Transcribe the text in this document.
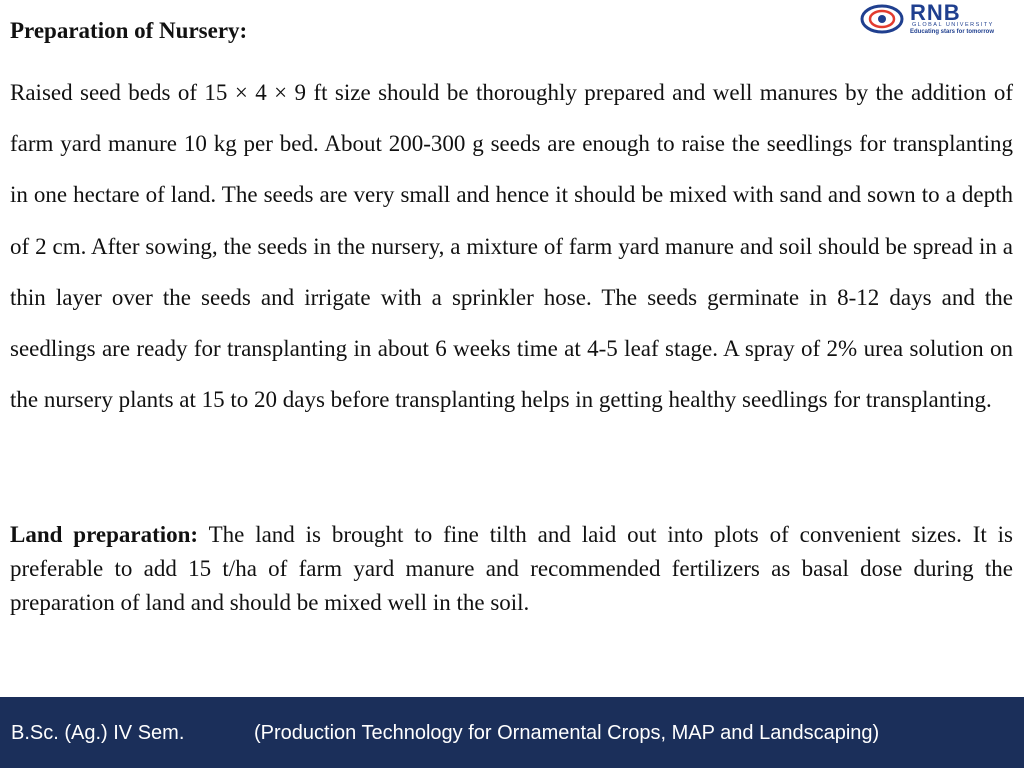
RNB
GLOBAL UNIVERSITY
Educating stars for tomorrow
Preparation of Nursery:

Raised seed beds of 15 × 4 × 9 ft size should be thoroughly prepared and well manures by the addition of farm yard manure 10 kg per bed. About 200-300 g seeds are enough to raise the seedlings for transplanting in one hectare of land. The seeds are very small and hence it should be mixed with sand and sown to a depth of 2 cm. After sowing, the seeds in the nursery, a mixture of farm yard manure and soil should be spread in a thin layer over the seeds and irrigate with a sprinkler hose. The seeds germinate in 8-12 days and the seedlings are ready for transplanting in about 6 weeks time at 4-5 leaf stage. A spray of 2% urea solution on the nursery plants at 15 to 20 days before transplanting helps in getting healthy seedlings for transplanting.

Land preparation: The land is brought to fine tilth and laid out into plots of convenient sizes. It is preferable to add 15 t/ha of farm yard manure and recommended fertilizers as basal dose during the preparation of land and should be mixed well in the soil.

B.Sc. (Ag.) IV Sem.	(Production Technology for Ornamental Crops, MAP and Landscaping)
